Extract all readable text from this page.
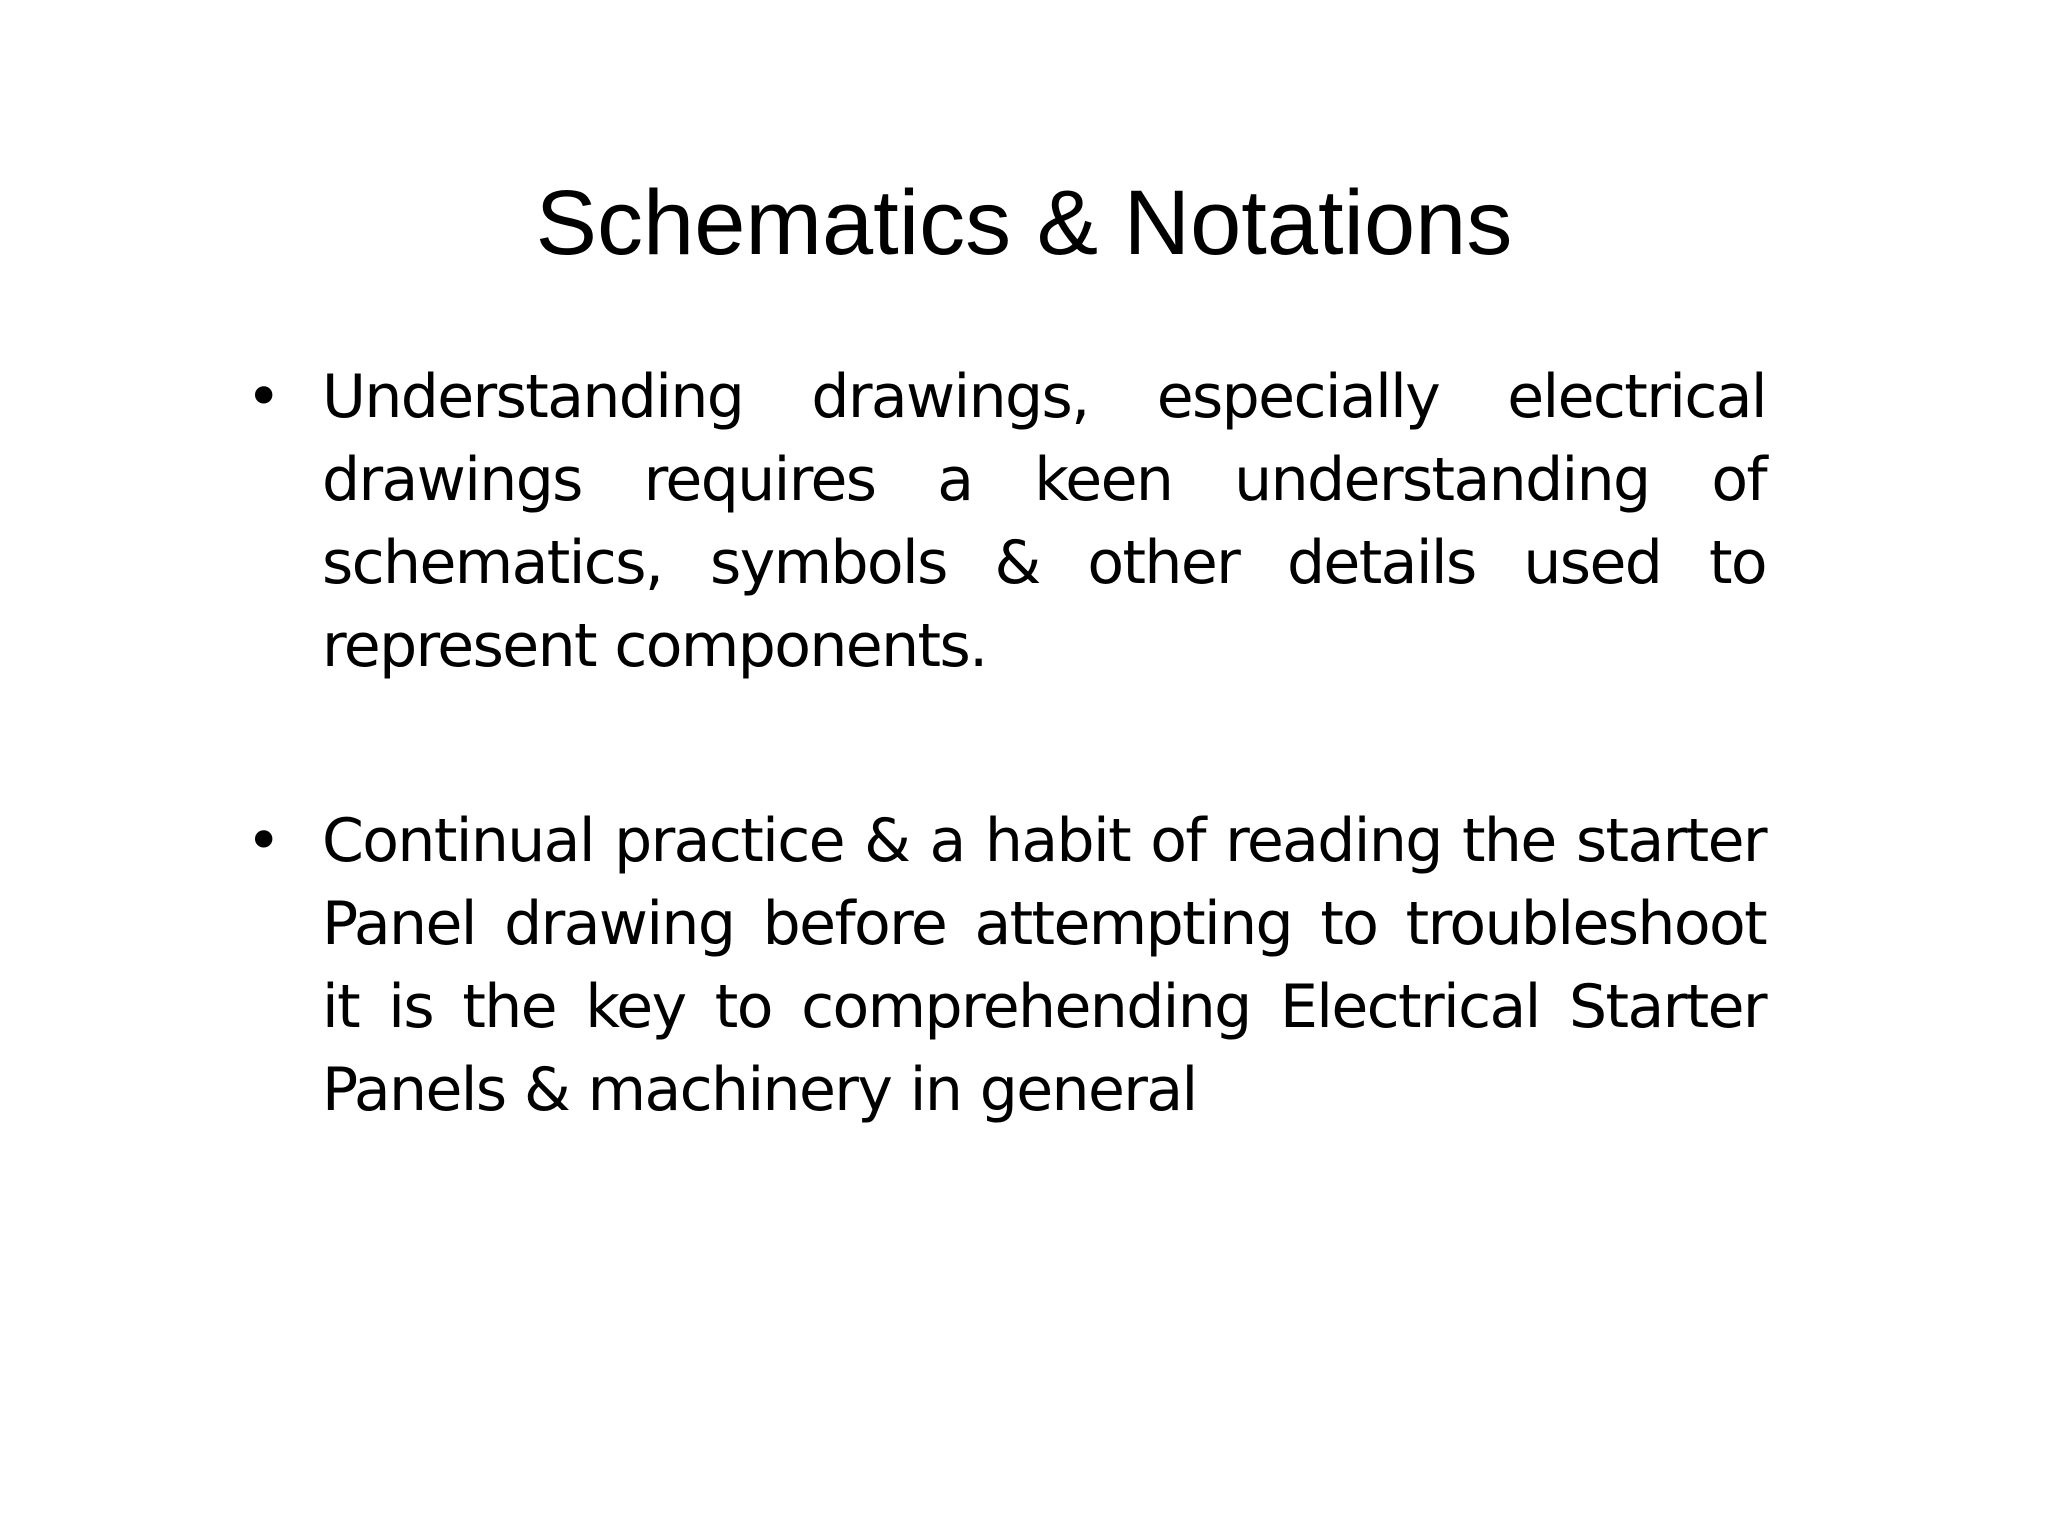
Schematics & Notations
• Understanding drawings, especially electrical drawings requires a keen understanding of schematics, symbols & other details used to represent components.
• Continual practice & a habit of reading the starter Panel drawing before attempting to troubleshoot it is the key to comprehending Electrical Starter Panels & machinery in general
